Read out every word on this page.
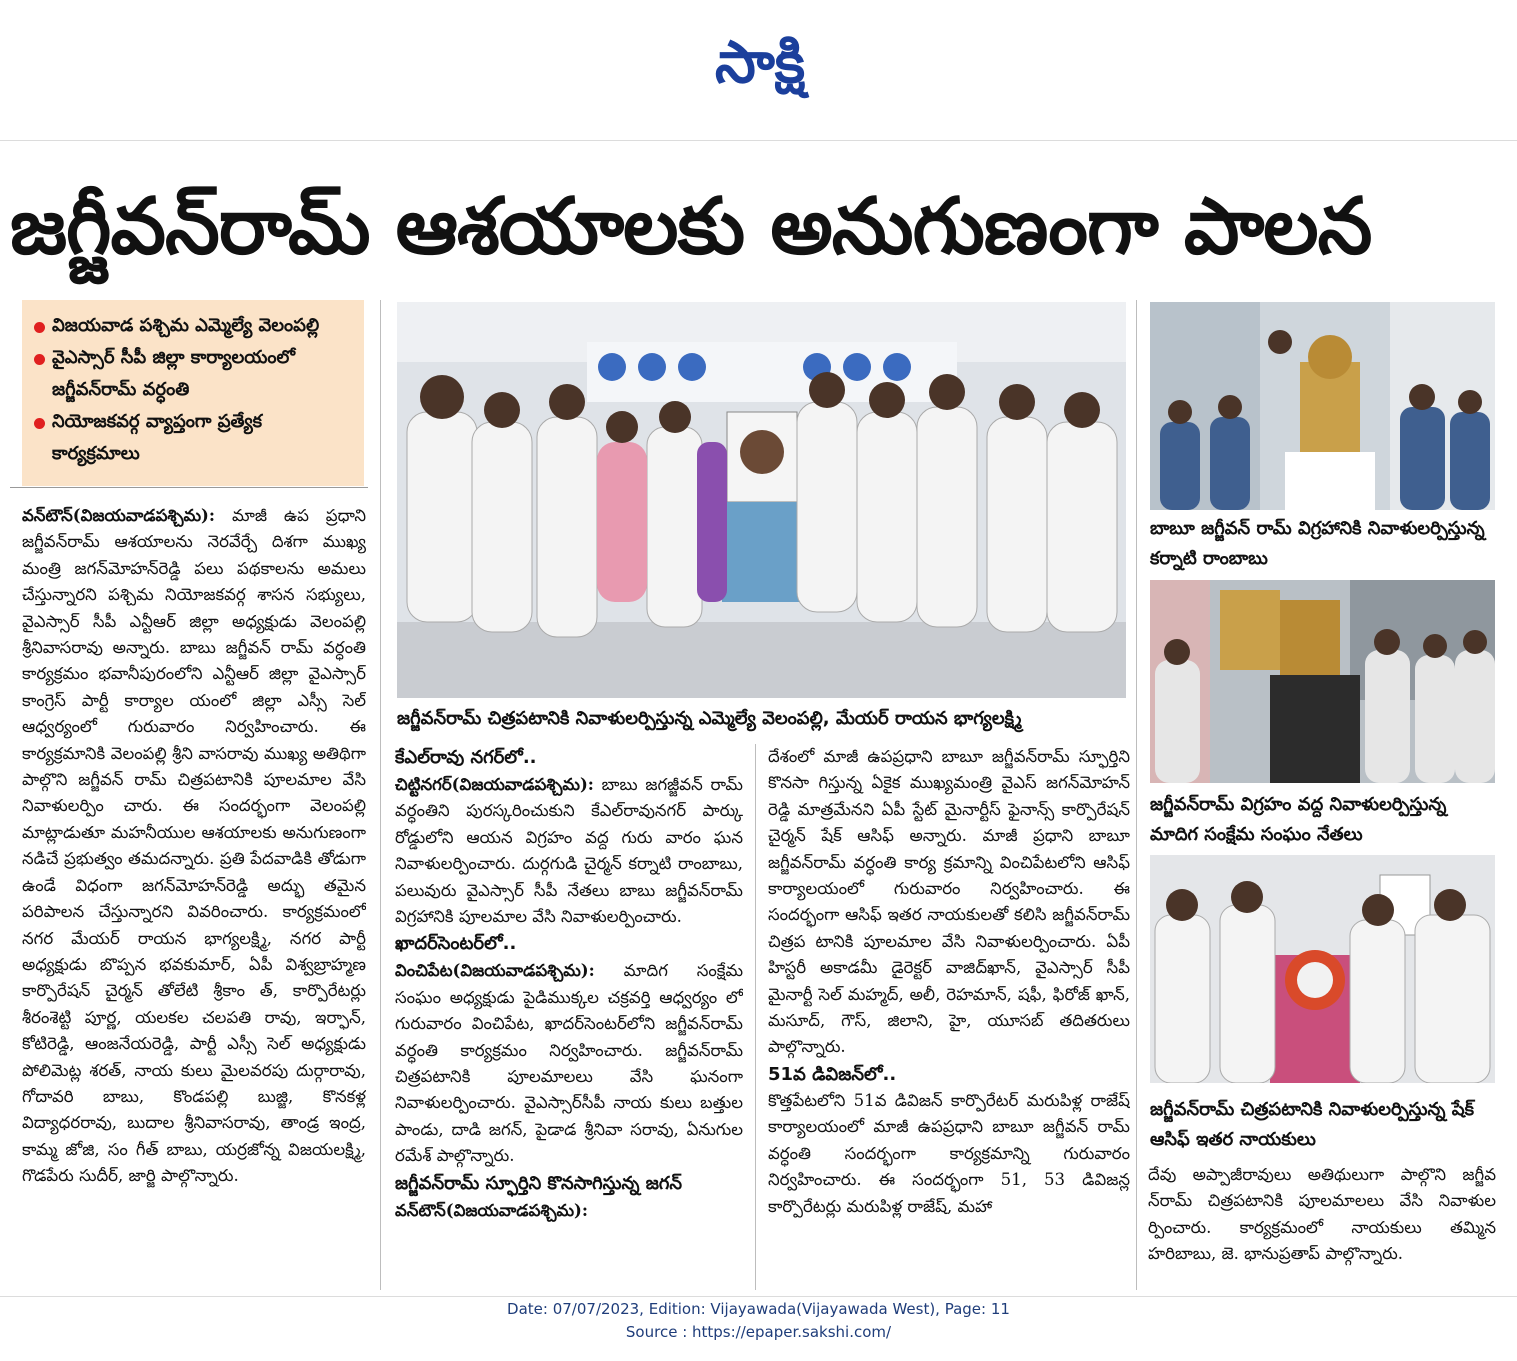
సాక్షి
జగ్జీవన్‌రామ్ ఆశయాలకు అనుగుణంగా పాలన
విజయవాడ పశ్చిమ ఎమ్మెల్యే వెలంపల్లి
వైఎస్సార్ సీపీ జిల్లా కార్యాలయంలో జగ్జీవన్‌రామ్ వర్ధంతి
నియోజకవర్గ వ్యాప్తంగా ప్రత్యేక కార్యక్రమాలు

వన్‌టౌన్(విజయవాడపశ్చిమ): మాజీ ఉప ప్రధాని జగ్జీవన్‌రామ్ ఆశయాలను నెరవేర్చే దిశగా ముఖ్య మంత్రి జగన్‌మోహన్‌రెడ్డి పలు పథకాలను అమలు చేస్తున్నారని పశ్చిమ నియోజకవర్గ శాసన సభ్యులు, వైఎస్సార్ సీపీ ఎన్టీఆర్ జిల్లా అధ్యక్షుడు వెలంపల్లి శ్రీనివాసరావు అన్నారు. బాబు జగ్జీవన్ రామ్ వర్ధంతి కార్యక్రమం భవానీపురంలోని ఎన్టీఆర్ జిల్లా వైఎస్సార్ కాంగ్రెస్ పార్టీ కార్యాల యంలో జిల్లా ఎస్సీ సెల్ ఆధ్వర్యంలో గురువారం నిర్వహించారు. ఈ కార్యక్రమానికి వెలంపల్లి శ్రీని వాసరావు ముఖ్య అతిథిగా పాల్గొని జగ్జీవన్ రామ్ చిత్రపటానికి పూలమాల వేసి నివాళులర్పిం చారు. ఈ సందర్భంగా వెలంపల్లి మాట్లాడుతూ మహనీయుల ఆశయాలకు అనుగుణంగా నడిచే ప్రభుత్వం తమదన్నారు. ప్రతి పేదవాడికి తోడుగా ఉండే విధంగా జగన్‌మోహన్‌రెడ్డి అద్భు తమైన పరిపాలన చేస్తున్నారని వివరించారు. కార్యక్రమంలో నగర మేయర్ రాయన భాగ్యలక్ష్మి, నగర పార్టీ అధ్యక్షుడు బొప్పన భవకుమార్, ఏపీ విశ్వబ్రాహ్మణ కార్పొరేషన్ చైర్మన్ తోలేటి శ్రీకాం త్, కార్పొరేటర్లు శీరంశెట్టి పూర్ణ, యలకల చలపతి రావు, ఇర్ఫాన్, కోటిరెడ్డి, ఆంజనేయరెడ్డి, పార్టీ ఎస్సీ సెల్ అధ్యక్షుడు పోలిమెట్ల శరత్, నాయ కులు మైలవరపు దుర్గారావు, గోదావరి బాబు, కొండపల్లి బుజ్జి, కొనకళ్ల విద్యాధరరావు, బుదాల శ్రీనివాసరావు, తాండ్ర ఇంద్ర, కామ్మ జోజి, సం గీత్ బాబు, యర్రజోన్న విజయలక్ష్మి, గొడపేరు సుదీర్, జార్జి పాల్గొన్నారు.

జగ్జీవన్‌రామ్ చిత్రపటానికి నివాళులర్పిస్తున్న ఎమ్మెల్యే వెలంపల్లి, మేయర్ రాయన భాగ్యలక్ష్మి

కేఎల్‌రావు నగర్‌లో..

చిట్టినగర్(విజయవాడపశ్చిమ): బాబు జగజ్జీవన్ రామ్ వర్ధంతిని పురస్కరించుకుని కేఎల్‌రావునగర్ పార్కు రోడ్డులోని ఆయన విగ్రహం వద్ద గురు వారం ఘన నివాళులర్పించారు. దుర్గగుడి చైర్మన్ కర్నాటి రాంబాబు, పలువురు వైఎస్సార్ సీపీ నేతలు బాబు జగ్జీవన్‌రామ్ విగ్రహానికి పూలమాల వేసి నివాళులర్పించారు.

ఖాదర్‌సెంటర్‌లో..

వించిపేట(విజయవాడపశ్చిమ): మాదిగ సంక్షేమ సంఘం అధ్యక్షుడు పైడిముక్కల చక్రవర్తి ఆధ్వర్యం లో గురువారం వించిపేట, ఖాదర్‌సెంటర్‌లోని జగ్జీవన్‌రామ్ వర్ధంతి కార్యక్రమం నిర్వహించారు. జగ్జీవన్‌రామ్ చిత్రపటానికి పూలమాలలు వేసి ఘనంగా నివాళులర్పించారు. వైఎస్సార్‌సీపీ నాయ కులు బత్తుల పాండు, దాడి జగన్, పైడాడ శ్రీనివా సరావు, ఏనుగుల రమేశ్ పాల్గొన్నారు.

జగ్జీవన్‌రామ్ స్ఫూర్తిని కొనసాగిస్తున్న జగన్

వన్‌టౌన్(విజయవాడపశ్చిమ):

దేశంలో మాజీ ఉపప్రధాని బాబూ జగ్జీవన్‌రామ్ స్ఫూర్తిని కొనసా గిస్తున్న ఏకైక ముఖ్యమంత్రి వైఎస్ జగన్‌మోహన్ రెడ్డి మాత్రమేనని ఏపీ స్టేట్ మైనార్టీస్ ఫైనాన్స్ కార్పొరేషన్ చైర్మన్ షేక్ ఆసిఫ్ అన్నారు. మాజీ ప్రధాని బాబూ జగ్జీవన్‌రామ్ వర్ధంతి కార్య క్రమాన్ని వించిపేటలోని ఆసిఫ్ కార్యాలయంలో గురువారం నిర్వహించారు. ఈ సందర్భంగా ఆసిఫ్ ఇతర నాయకులతో కలిసి జగ్జీవన్‌రామ్ చిత్రప టానికి పూలమాల వేసి నివాళులర్పించారు. ఏపీ హిస్టరీ అకాడమీ డైరెక్టర్ వాజిద్‌ఖాన్, వైఎస్సార్ సీపీ మైనార్టీ సెల్ మహ్మద్, అలీ, రెహమాన్, షఫీ, ఫిరోజ్ ఖాన్, మసూద్, గౌస్, జిలాని, హై, యూసబ్ తదితరులు పాల్గొన్నారు.

51వ డివిజన్‌లో..

కొత్తపేటలోని 51వ డివిజన్ కార్పొరేటర్ మరుపిళ్ల రాజేష్ కార్యాలయంలో మాజీ ఉపప్రధాని బాబూ జగ్జీవన్ రామ్ వర్ధంతి సందర్భంగా కార్యక్రమాన్ని గురువారం నిర్వహించారు. ఈ సందర్భంగా 51, 53 డివిజన్ల కార్పొరేటర్లు మరుపిళ్ల రాజేష్, మహా

బాబూ జగ్జీవన్ రామ్ విగ్రహానికి నివాళులర్పిస్తున్న కర్నాటి రాంబాబు
జగ్జీవన్‌రామ్ విగ్రహం వద్ద నివాళులర్పిస్తున్న మాదిగ సంక్షేమ సంఘం నేతలు
జగ్జీవన్‌రామ్ చిత్రపటానికి నివాళులర్పిస్తున్న షేక్ ఆసిఫ్ ఇతర నాయకులు

దేవు అప్పాజీరావులు అతిథులుగా పాల్గొని జగ్జీవ న్‌రామ్ చిత్రపటానికి పూలమాలలు వేసి నివాళుల ర్పించారు. కార్యక్రమంలో నాయకులు తమ్మిన హరిబాబు, జె. భానుప్రతాప్ పాల్గొన్నారు.

Date: 07/07/2023, Edition: Vijayawada(Vijayawada West), Page: 11
Source : https://epaper.sakshi.com/
